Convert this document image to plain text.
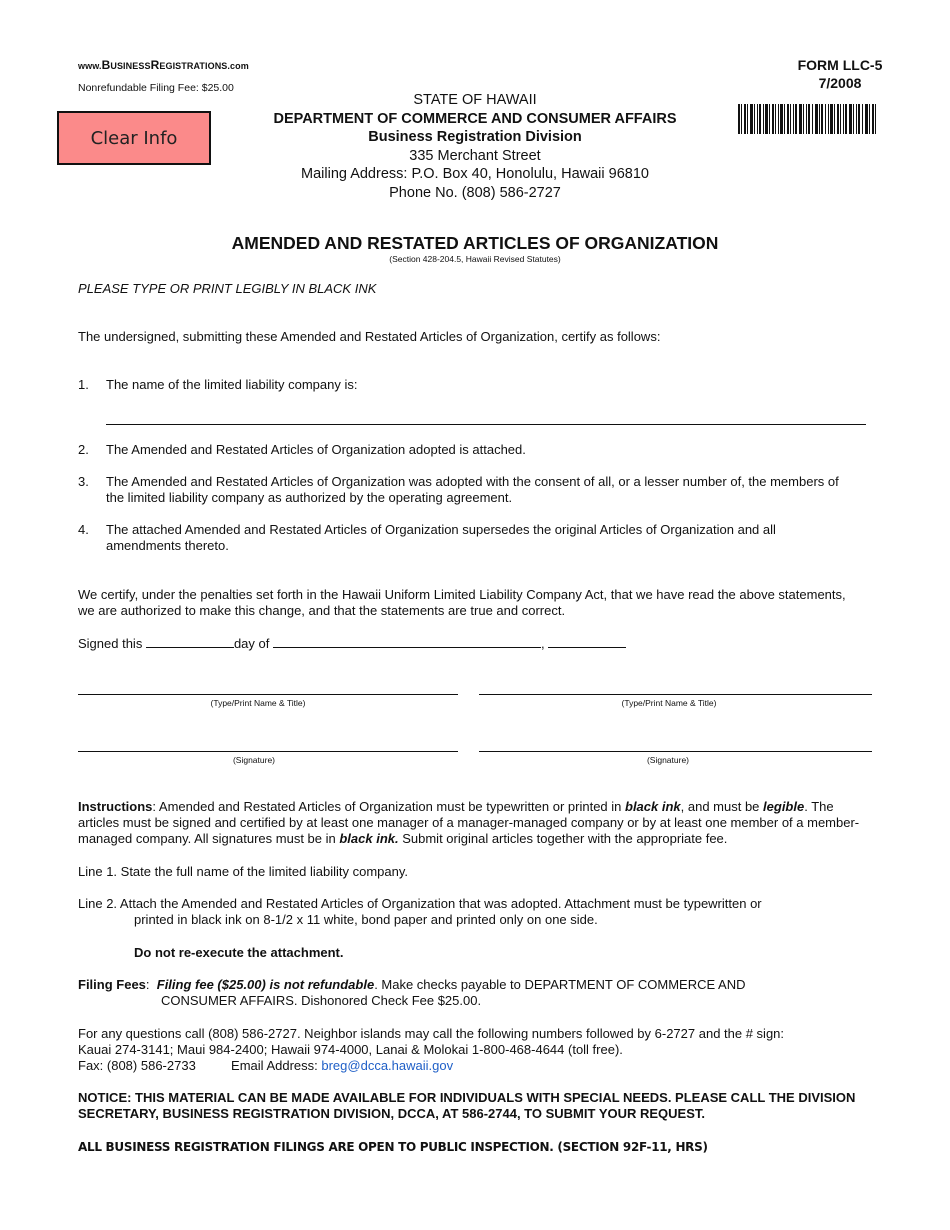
www.BUSINESSREGISTRATIONS.com
Nonrefundable Filing Fee: $25.00
Clear Info
FORM LLC-5
7/2008
STATE OF HAWAII
DEPARTMENT OF COMMERCE AND CONSUMER AFFAIRS
Business Registration Division
335 Merchant Street
Mailing Address: P.O. Box 40, Honolulu, Hawaii 96810
Phone No. (808) 586-2727
AMENDED AND RESTATED ARTICLES OF ORGANIZATION
(Section 428-204.5, Hawaii Revised Statutes)
PLEASE TYPE OR PRINT LEGIBLY IN BLACK INK
The undersigned, submitting these Amended and Restated Articles of Organization, certify as follows:
1.	The name of the limited liability company is:
2.	The Amended and Restated Articles of Organization adopted is attached.
3.	The Amended and Restated Articles of Organization was adopted with the consent of all, or a lesser number of, the members of the limited liability company as authorized by the operating agreement.
4.	The attached Amended and Restated Articles of Organization supersedes the original Articles of Organization and all amendments thereto.
We certify, under the penalties set forth in the Hawaii Uniform Limited Liability Company Act, that we have read the above statements, we are authorized to make this change, and that the statements are true and correct.
Signed this	day of	,
(Type/Print Name & Title)	(Type/Print Name & Title)
(Signature)	(Signature)
Instructions: Amended and Restated Articles of Organization must be typewritten or printed in black ink, and must be legible. The articles must be signed and certified by at least one manager of a manager-managed company or by at least one member of a member-managed company. All signatures must be in black ink. Submit original articles together with the appropriate fee.
Line 1. State the full name of the limited liability company.
Line 2. Attach the Amended and Restated Articles of Organization that was adopted. Attachment must be typewritten or
printed in black ink on 8-1/2 x 11 white, bond paper and printed only on one side.
Do not re-execute the attachment.
Filing Fees:  Filing fee ($25.00) is not refundable. Make checks payable to DEPARTMENT OF COMMERCE AND
CONSUMER AFFAIRS. Dishonored Check Fee $25.00.
For any questions call (808) 586-2727. Neighbor islands may call the following numbers followed by 6-2727 and the # sign:
Kauai 274-3141; Maui 984-2400; Hawaii 974-4000, Lanai & Molokai 1-800-468-4644 (toll free).
Fax: (808) 586-2733	Email Address: breg@dcca.hawaii.gov
NOTICE: THIS MATERIAL CAN BE MADE AVAILABLE FOR INDIVIDUALS WITH SPECIAL NEEDS. PLEASE CALL THE DIVISION SECRETARY, BUSINESS REGISTRATION DIVISION, DCCA, AT 586-2744, TO SUBMIT YOUR REQUEST.
ALL BUSINESS REGISTRATION FILINGS ARE OPEN TO PUBLIC INSPECTION. (SECTION 92F-11, HRS)
